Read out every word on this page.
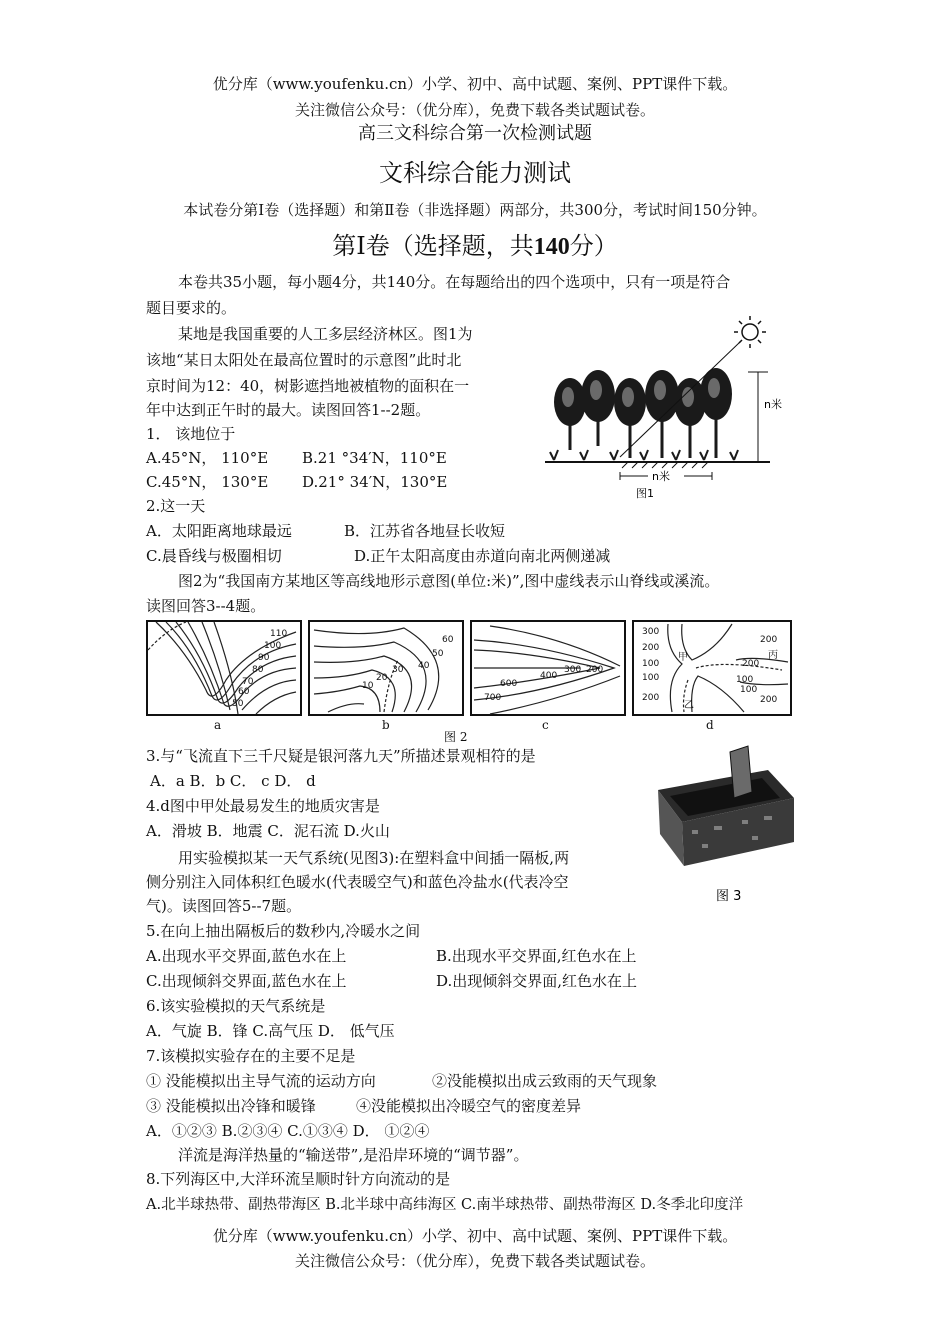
优分库（www.youfenku.cn）小学、初中、高中试题、案例、PPT课件下载。
关注微信公众号：（优分库），免费下载各类试题试卷。
高三文科综合第一次检测试题
文科综合能力测试
本试卷分第Ⅰ卷（选择题）和第Ⅱ卷（非选择题）两部分，共300分，考试时间150分钟。
第Ⅰ卷（选择题，共140分）
本卷共35小题，每小题4分，共140分。在每题给出的四个选项中，只有一项是符合
题目要求的。
某地是我国重要的人工多层经济林区。图1为
该地“某日太阳处在最高位置时的示意图”此时北
京时间为12：40，树影遮挡地被植物的面积在一
年中达到正午时的最大。读图回答1--2题。
1． 该地位于
A.45°N， 110°E B.21 °34′N，110°E
C.45°N， 130°E D.21° 34′N，130°E
2.这一天
A．太阳距离地球最远	B．江苏省各地昼长收短
C.晨昏线与极圈相切	D.正午太阳高度由赤道向南北两侧递减
图2为“我国南方某地区等高线地形示意图(单位:米)”,图中虚线表示山脊线或溪流。
读图回答3--4题。
n米
n米
图1
110
100
90
80
70
60
50
60
50
40
30
20
10	600
700
400
300 200
300
200
100
100
200
200
200
100
100
200
甲	丙
乙
a	b	c	d
图 2
3.与“飞流直下三千尺疑是银河落九天”所描述景观相符的是
A．a B．b C． c D． d
4.d图中甲处最易发生的地质灾害是
A．滑坡 B．地震 C．泥石流 D.火山
图 3
用实验模拟某一天气系统(见图3):在塑料盒中间插一隔板,两
侧分别注入同体积红色暖水(代表暖空气)和蓝色冷盐水(代表冷空
气)。读图回答5--7题。
5.在向上抽出隔板后的数秒内,冷暖水之间
A.出现水平交界面,蓝色水在上	B.出现水平交界面,红色水在上
C.出现倾斜交界面,蓝色水在上	D.出现倾斜交界面,红色水在上
6.该实验模拟的天气系统是
A．气旋 B．锋 C.高气压 D． 低气压
7.该模拟实验存在的主要不足是
① 没能模拟出主导气流的运动方向	②没能模拟出成云致雨的天气现象
③ 没能模拟出冷锋和暖锋	④没能模拟出冷暖空气的密度差异
A．①②③ B.②③④ C.①③④ D． ①②④
洋流是海洋热量的“输送带”,是沿岸环境的“调节器”。
8.下列海区中,大洋环流呈顺时针方向流动的是
A.北半球热带、副热带海区 B.北半球中高纬海区 C.南半球热带、副热带海区 D.冬季北印度洋
优分库（www.youfenku.cn）小学、初中、高中试题、案例、PPT课件下载。
关注微信公众号：（优分库），免费下载各类试题试卷。
